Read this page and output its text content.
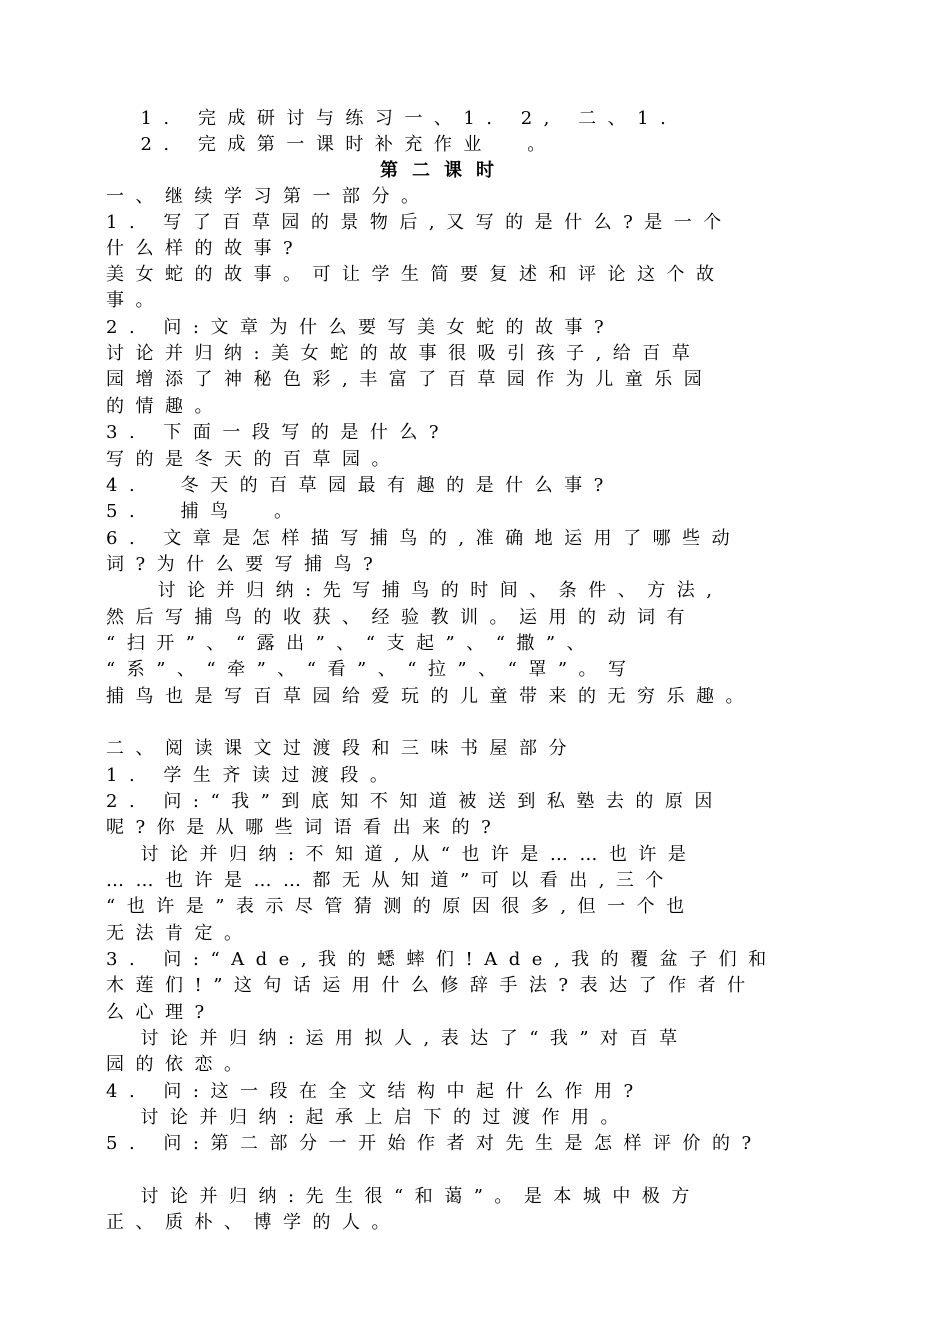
1. 完成研讨与练习一、1. 2, 二、1.
2. 完成第一课时补充作业  。
第二课时
一、继续学习第一部分。
1. 写了百草园的景物后,又写的是什么?是一个
什么样的故事?
美女蛇的故事。可让学生简要复述和评论这个故
事。
2. 问:文章为什么要写美女蛇的故事?
讨论并归纳:美女蛇的故事很吸引孩子,给百草
园增添了神秘色彩,丰富了百草园作为儿童乐园
的情趣。
3. 下面一段写的是什么?
写的是冬天的百草园。
4.  冬天的百草园最有趣的是什么事?
5.  捕鸟  。
6. 文章是怎样描写捕鸟的,准确地运用了哪些动
词?为什么要写捕鸟?
讨论并归纳:先写捕鸟的时间、条件、方法,
然后写捕鸟的收获、经验教训。运用的动词有
“扫开”、“露出”、“支起”、“撒”、
“系”、“牵”、“看”、“拉”、“罩”。写
捕鸟也是写百草园给爱玩的儿童带来的无穷乐趣。
二、阅读课文过渡段和三味书屋部分
1. 学生齐读过渡段。
2. 问:“我”到底知不知道被送到私塾去的原因
呢?你是从哪些词语看出来的?
讨论并归纳:不知道,从“也许是……也许是
……也许是……都无从知道”可以看出,三个
“也许是”表示尽管猜测的原因很多,但一个也
无法肯定。
3. 问:“Ade,我的蟋蟀们!Ade,我的覆盆子们和
木莲们!”这句话运用什么修辞手法?表达了作者什
么心理?
讨论并归纳:运用拟人,表达了“我”对百草
园的依恋。
4. 问:这一段在全文结构中起什么作用?
讨论并归纳:起承上启下的过渡作用。
5. 问:第二部分一开始作者对先生是怎样评价的?
讨论并归纳:先生很“和蔼”。是本城中极方
正、质朴、博学的人。
